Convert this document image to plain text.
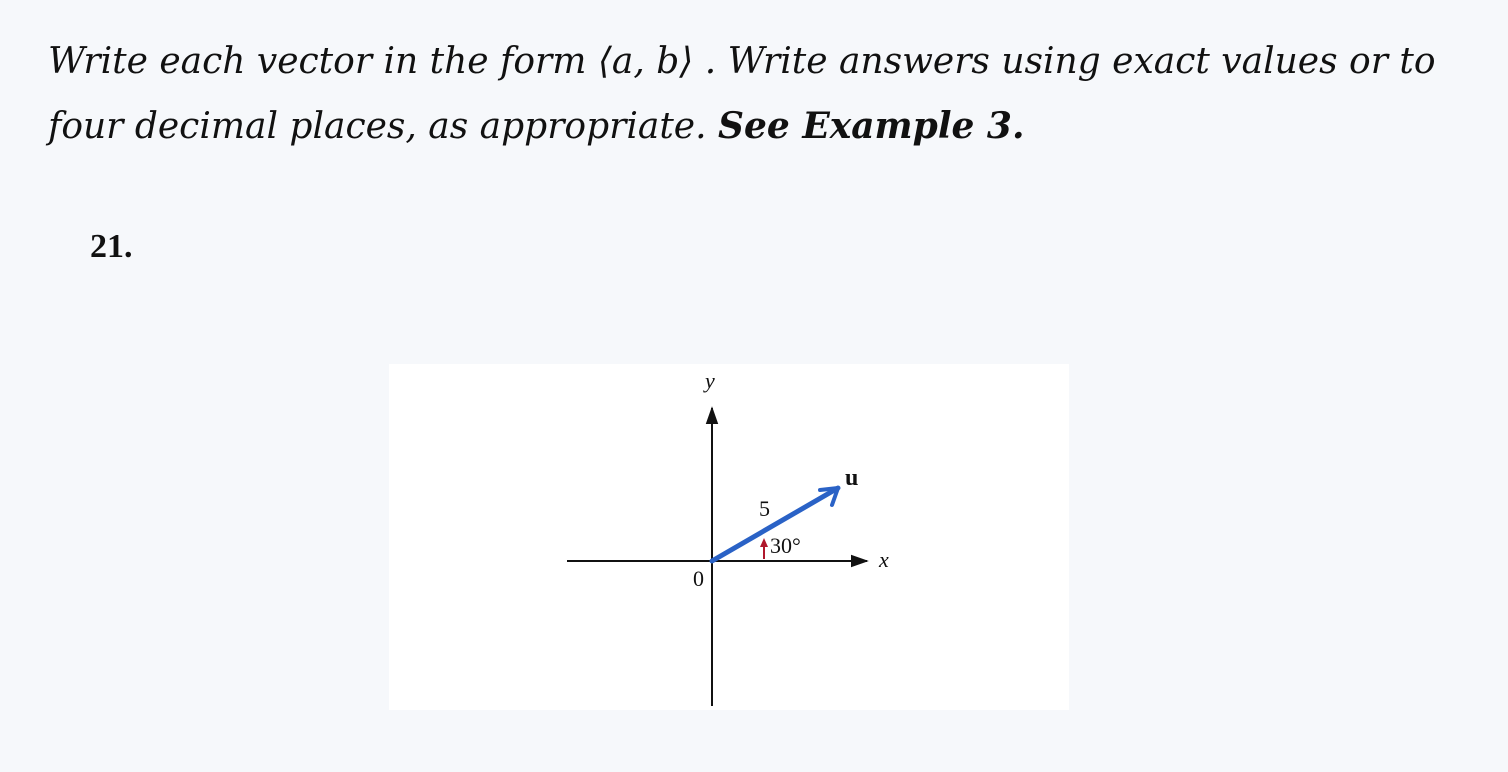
Write each vector in the form ⟨a, b⟩ . Write answers using exact values or to four decimal places, as appropriate. See Example 3.

21.
y
x
0
u
5
30°
